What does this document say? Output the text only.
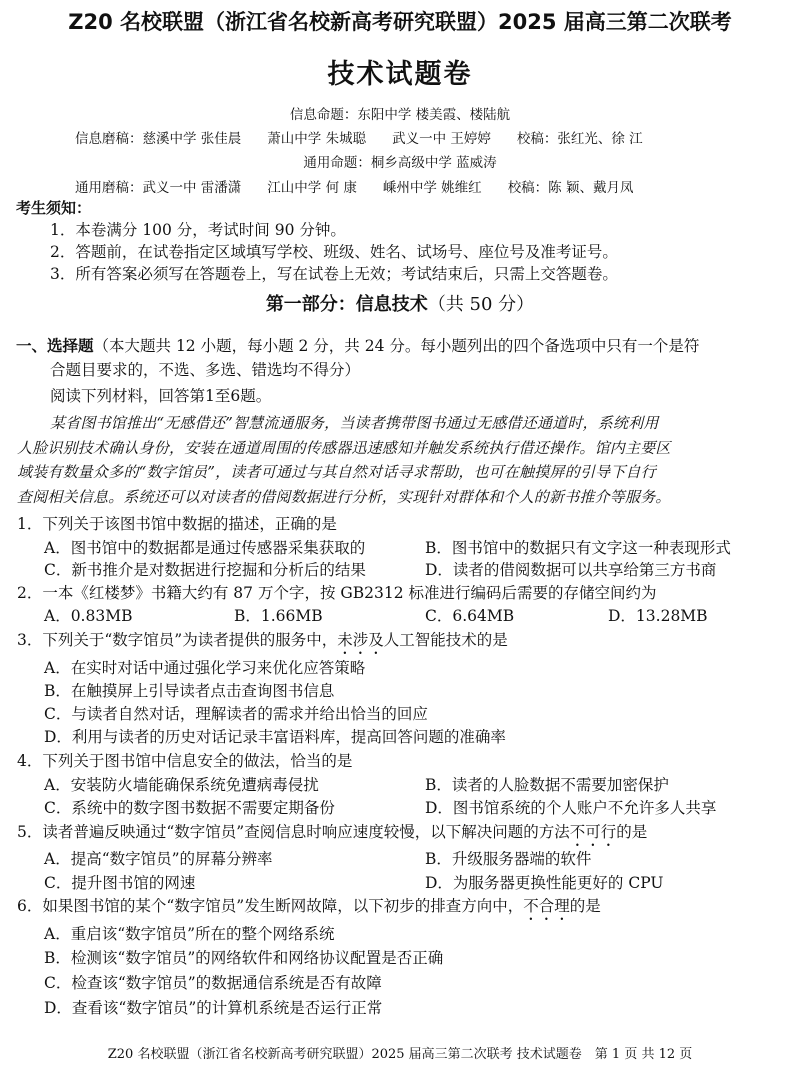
Z20 名校联盟（浙江省名校新高考研究联盟）2025 届高三第二次联考
技术试题卷
信息命题：东阳中学 楼美霞、楼陆航
信息磨稿：慈溪中学 张佳晨 萧山中学 朱城聪 武义一中 王婷婷 校稿：张红光、徐 江
通用命题：桐乡高级中学 蓝威涛
通用磨稿：武义一中 雷潘潇 江山中学 何 康 嵊州中学 姚维红 校稿：陈 颖、戴月凤
考生须知：
1．本卷满分 100 分，考试时间 90 分钟。
2．答题前，在试卷指定区域填写学校、班级、姓名、试场号、座位号及准考证号。
3．所有答案必须写在答题卷上，写在试卷上无效；考试结束后，只需上交答题卷。
第一部分：信息技术（共 50 分）
一、选择题（本大题共 12 小题，每小题 2 分，共 24 分。每小题列出的四个备选项中只有一个是符
合题目要求的，不选、多选、错选均不得分）
阅读下列材料，回答第1至6题。
某省图书馆推出“无感借还”智慧流通服务，当读者携带图书通过无感借还通道时，系统利用
人脸识别技术确认身份，安装在通道周围的传感器迅速感知并触发系统执行借还操作。馆内主要区
域装有数量众多的“数字馆员”，读者可通过与其自然对话寻求帮助，也可在触摸屏的引导下自行
查阅相关信息。系统还可以对读者的借阅数据进行分析，实现针对群体和个人的新书推介等服务。
1．下列关于该图书馆中数据的描述，正确的是
A．图书馆中的数据都是通过传感器采集获取的	B．图书馆中的数据只有文字这一种表现形式
C．新书推介是对数据进行挖掘和分析后的结果	D．读者的借阅数据可以共享给第三方书商
2．一本《红楼梦》书籍大约有 87 万个字，按 GB2312 标准进行编码后需要的存储空间约为
A．0.83MB	B．1.66MB	C．6.64MB	D．13.28MB
3．下列关于“数字馆员”为读者提供的服务中，未涉及人工智能技术的是
A．在实时对话中通过强化学习来优化应答策略
B．在触摸屏上引导读者点击查询图书信息
C．与读者自然对话，理解读者的需求并给出恰当的回应
D．利用与读者的历史对话记录丰富语料库，提高回答问题的准确率
4．下列关于图书馆中信息安全的做法，恰当的是
A．安装防火墙能确保系统免遭病毒侵扰	B．读者的人脸数据不需要加密保护
C．系统中的数字图书数据不需要定期备份	D．图书馆系统的个人账户不允许多人共享
5．读者普遍反映通过“数字馆员”查阅信息时响应速度较慢，以下解决问题的方法不可行的是
A．提高“数字馆员”的屏幕分辨率	B．升级服务器端的软件
C．提升图书馆的网速	D．为服务器更换性能更好的 CPU
6．如果图书馆的某个“数字馆员”发生断网故障，以下初步的排查方向中，不合理的是
A．重启该“数字馆员”所在的整个网络系统
B．检测该“数字馆员”的网络软件和网络协议配置是否正确
C．检查该“数字馆员”的数据通信系统是否有故障
D．查看该“数字馆员”的计算机系统是否运行正常
Z20 名校联盟（浙江省名校新高考研究联盟）2025 届高三第二次联考 技术试题卷　第 1 页 共 12 页
